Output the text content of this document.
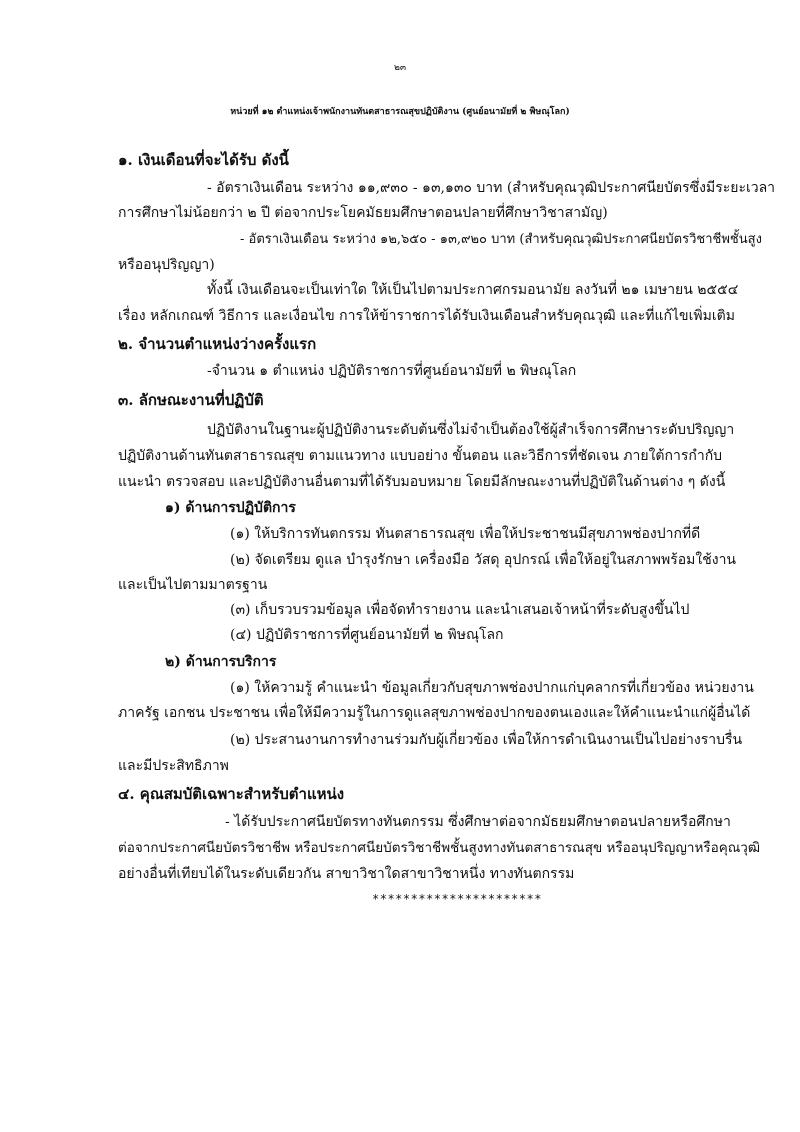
๒๓
หน่วยที่ ๑๒ ตำแหน่งเจ้าพนักงานทันตสาธารณสุขปฏิบัติงาน (ศูนย์อนามัยที่ ๒ พิษณุโลก)
๑. เงินเดือนที่จะได้รับ ดังนี้
- อัตราเงินเดือน ระหว่าง ๑๑,๙๓๐ - ๑๓,๑๓๐ บาท (สำหรับคุณวุฒิประกาศนียบัตรซึ่งมีระยะเวลา
การศึกษาไม่น้อยกว่า ๒ ปี ต่อจากประโยคมัธยมศึกษาตอนปลายที่ศึกษาวิชาสามัญ)
- อัตราเงินเดือน ระหว่าง ๑๒,๖๕๐ - ๑๓,๙๒๐ บาท (สำหรับคุณวุฒิประกาศนียบัตรวิชาชีพชั้นสูง
หรืออนุปริญญา)
ทั้งนี้ เงินเดือนจะเป็นเท่าใด ให้เป็นไปตามประกาศกรมอนามัย ลงวันที่ ๒๑ เมษายน ๒๕๕๔
เรื่อง หลักเกณฑ์ วิธีการ และเงื่อนไข การให้ข้าราชการได้รับเงินเดือนสำหรับคุณวุฒิ และที่แก้ไขเพิ่มเติม
๒. จำนวนตำแหน่งว่างครั้งแรก
-จำนวน ๑ ตำแหน่ง ปฏิบัติราชการที่ศูนย์อนามัยที่ ๒ พิษณุโลก
๓. ลักษณะงานที่ปฏิบัติ
ปฏิบัติงานในฐานะผู้ปฏิบัติงานระดับต้นซึ่งไม่จำเป็นต้องใช้ผู้สำเร็จการศึกษาระดับปริญญา
ปฏิบัติงานด้านทันตสาธารณสุข ตามแนวทาง แบบอย่าง ขั้นตอน และวิธีการที่ชัดเจน ภายใต้การกำกับ
แนะนำ ตรวจสอบ และปฏิบัติงานอื่นตามที่ได้รับมอบหมาย โดยมีลักษณะงานที่ปฏิบัติในด้านต่าง ๆ ดังนี้
๑) ด้านการปฏิบัติการ
(๑) ให้บริการทันตกรรม ทันตสาธารณสุข เพื่อให้ประชาชนมีสุขภาพช่องปากที่ดี
(๒) จัดเตรียม ดูแล บำรุงรักษา เครื่องมือ วัสดุ อุปกรณ์ เพื่อให้อยู่ในสภาพพร้อมใช้งาน
และเป็นไปตามมาตรฐาน
(๓) เก็บรวบรวมข้อมูล เพื่อจัดทำรายงาน และนำเสนอเจ้าหน้าที่ระดับสูงขึ้นไป
(๔) ปฏิบัติราชการที่ศูนย์อนามัยที่ ๒ พิษณุโลก
๒) ด้านการบริการ
(๑) ให้ความรู้ คำแนะนำ ข้อมูลเกี่ยวกับสุขภาพช่องปากแก่บุคลากรที่เกี่ยวข้อง หน่วยงาน
ภาครัฐ เอกชน ประชาชน เพื่อให้มีความรู้ในการดูแลสุขภาพช่องปากของตนเองและให้คำแนะนำแก่ผู้อื่นได้
(๒) ประสานงานการทำงานร่วมกับผู้เกี่ยวข้อง เพื่อให้การดำเนินงานเป็นไปอย่างราบรื่น
และมีประสิทธิภาพ
๔. คุณสมบัติเฉพาะสำหรับตำแหน่ง
- ได้รับประกาศนียบัตรทางทันตกรรม ซึ่งศึกษาต่อจากมัธยมศึกษาตอนปลายหรือศึกษา
ต่อจากประกาศนียบัตรวิชาชีพ หรือประกาศนียบัตรวิชาชีพชั้นสูงทางทันตสาธารณสุข หรืออนุปริญญาหรือคุณวุฒิ
อย่างอื่นที่เทียบได้ในระดับเดียวกัน สาขาวิชาใดสาขาวิชาหนึ่ง ทางทันตกรรม
**********************
